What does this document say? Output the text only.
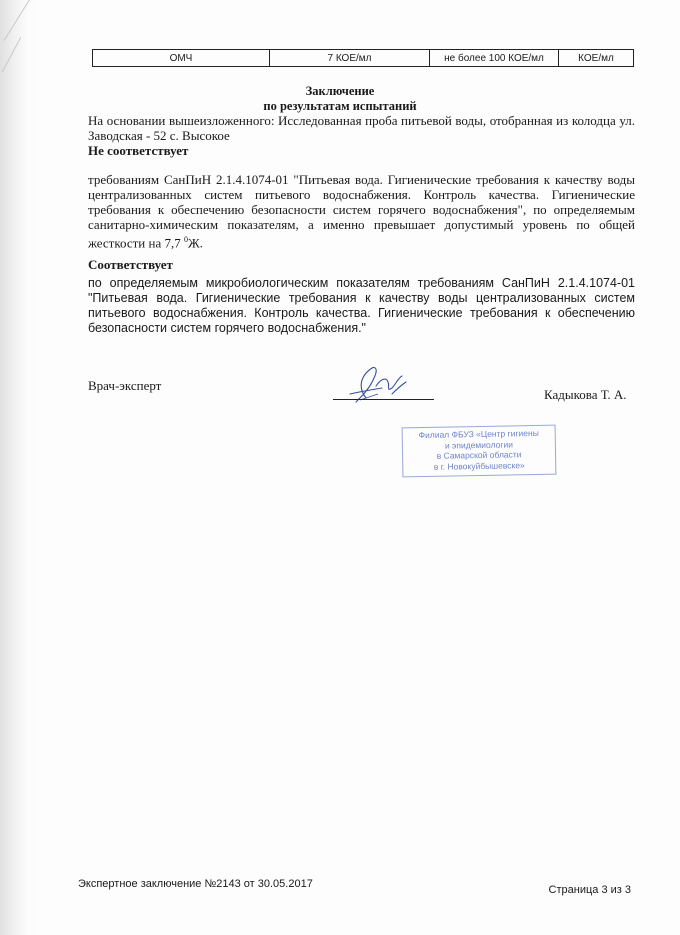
ОМЧ	7 КОЕ/мл	не более 100 КОЕ/мл	КОЕ/мл
Заключение
по результатам испытаний
На основании вышеизложенного: Исследованная проба питьевой воды, отобранная из колодца ул. Заводская - 52 с. Высокое
Не соответствует
требованиям СанПиН 2.1.4.1074-01 "Питьевая вода. Гигиенические требования к качеству воды централизованных систем питьевого водоснабжения. Контроль качества. Гигиенические требования к обеспечению безопасности систем горячего водоснабжения", по определяемым санитарно-химическим показателям, а именно превышает допустимый уровень по общей жесткости на 7,7 $^0$Ж.
Соответствует
по определяемым микробиологическим показателям требованиям СанПиН 2.1.4.1074-01 "Питьевая вода. Гигиенические требования к качеству воды централизованных систем питьевого водоснабжения. Контроль качества. Гигиенические требования к обеспечению безопасности систем горячего водоснабжения."
Врач-эксперт
Кадыкова Т. А.
Филиал ФБУЗ «Центр гигиены
и эпидемиологии
в Самарской области
в г. Новокуйбышевске»
Экспертное заключение №2143 от 30.05.2017	Страница 3 из 3
